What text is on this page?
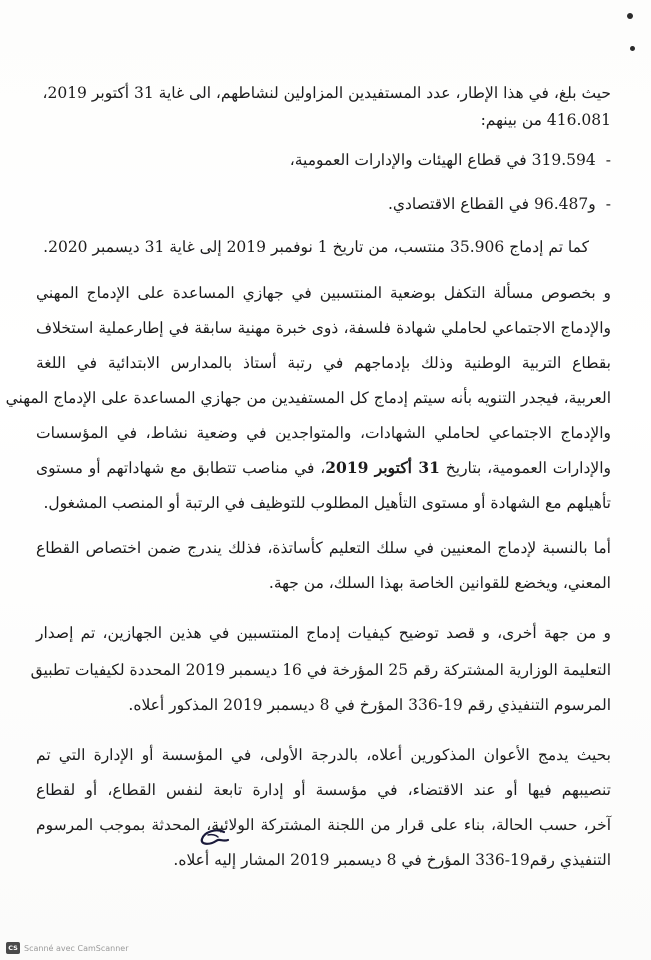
حيث بلغ، في هذا الإطار، عدد المستفيدين المزاولين لنشاطهم، الى غاية 31 أكتوبر 2019،
416.081 من بينهم:
-319.594 في قطاع الهيئات والإدارات العمومية،
-و96.487 في القطاع الاقتصادي.
كما تم إدماج 35.906 منتسب، من تاريخ 1 نوفمبر 2019 إلى غاية 31 ديسمبر 2020.
و بخصوص مسألة التكفل بوضعية المنتسبين في جهازي المساعدة على الإدماج المهني
والإدماج الاجتماعي لحاملي شهادة فلسفة، ذوى خبرة مهنية سابقة في إطارعملية استخلاف
بقطاع التربية الوطنية وذلك بإدماجهم في رتبة أستاذ بالمدارس الابتدائية في اللغة
العربية، فيجدر التنويه بأنه سيتم إدماج كل المستفيدين من جهازي المساعدة على الإدماج المهني
والإدماج الاجتماعي لحاملي الشهادات، والمتواجدين في وضعية نشاط، في المؤسسات
والإدارات العمومية، بتاريخ 31 أكتوبر 2019، في مناصب تتطابق مع شهاداتهم أو مستوى
تأهيلهم مع الشهادة أو مستوى التأهيل المطلوب للتوظيف في الرتبة أو المنصب المشغول.
أما بالنسبة لإدماج المعنيين في سلك التعليم كأساتذة، فذلك يندرج ضمن اختصاص القطاع
المعني، ويخضع للقوانين الخاصة بهذا السلك، من جهة.
و من جهة أخرى، و قصد توضيح كيفيات إدماج المنتسبين في هذين الجهازين، تم إصدار
التعليمة الوزارية المشتركة رقم 25 المؤرخة في 16 ديسمبر 2019 المحددة لكيفيات تطبيق
المرسوم التنفيذي رقم 19-336 المؤرخ في 8 ديسمبر 2019 المذكور أعلاه.
بحيث يدمج الأعوان المذكورين أعلاه، بالدرجة الأولى، في المؤسسة أو الإدارة التي تم
تنصيبهم فيها أو عند الاقتضاء، في مؤسسة أو إدارة تابعة لنفس القطاع، أو لقطاع
آخر، حسب الحالة، بناء على قرار من اللجنة المشتركة الولائية، المحدثة بموجب المرسوم
التنفيذي رقم19-336 المؤرخ في 8 ديسمبر 2019 المشار إليه أعلاه.
CS Scanné avec CamScanner
